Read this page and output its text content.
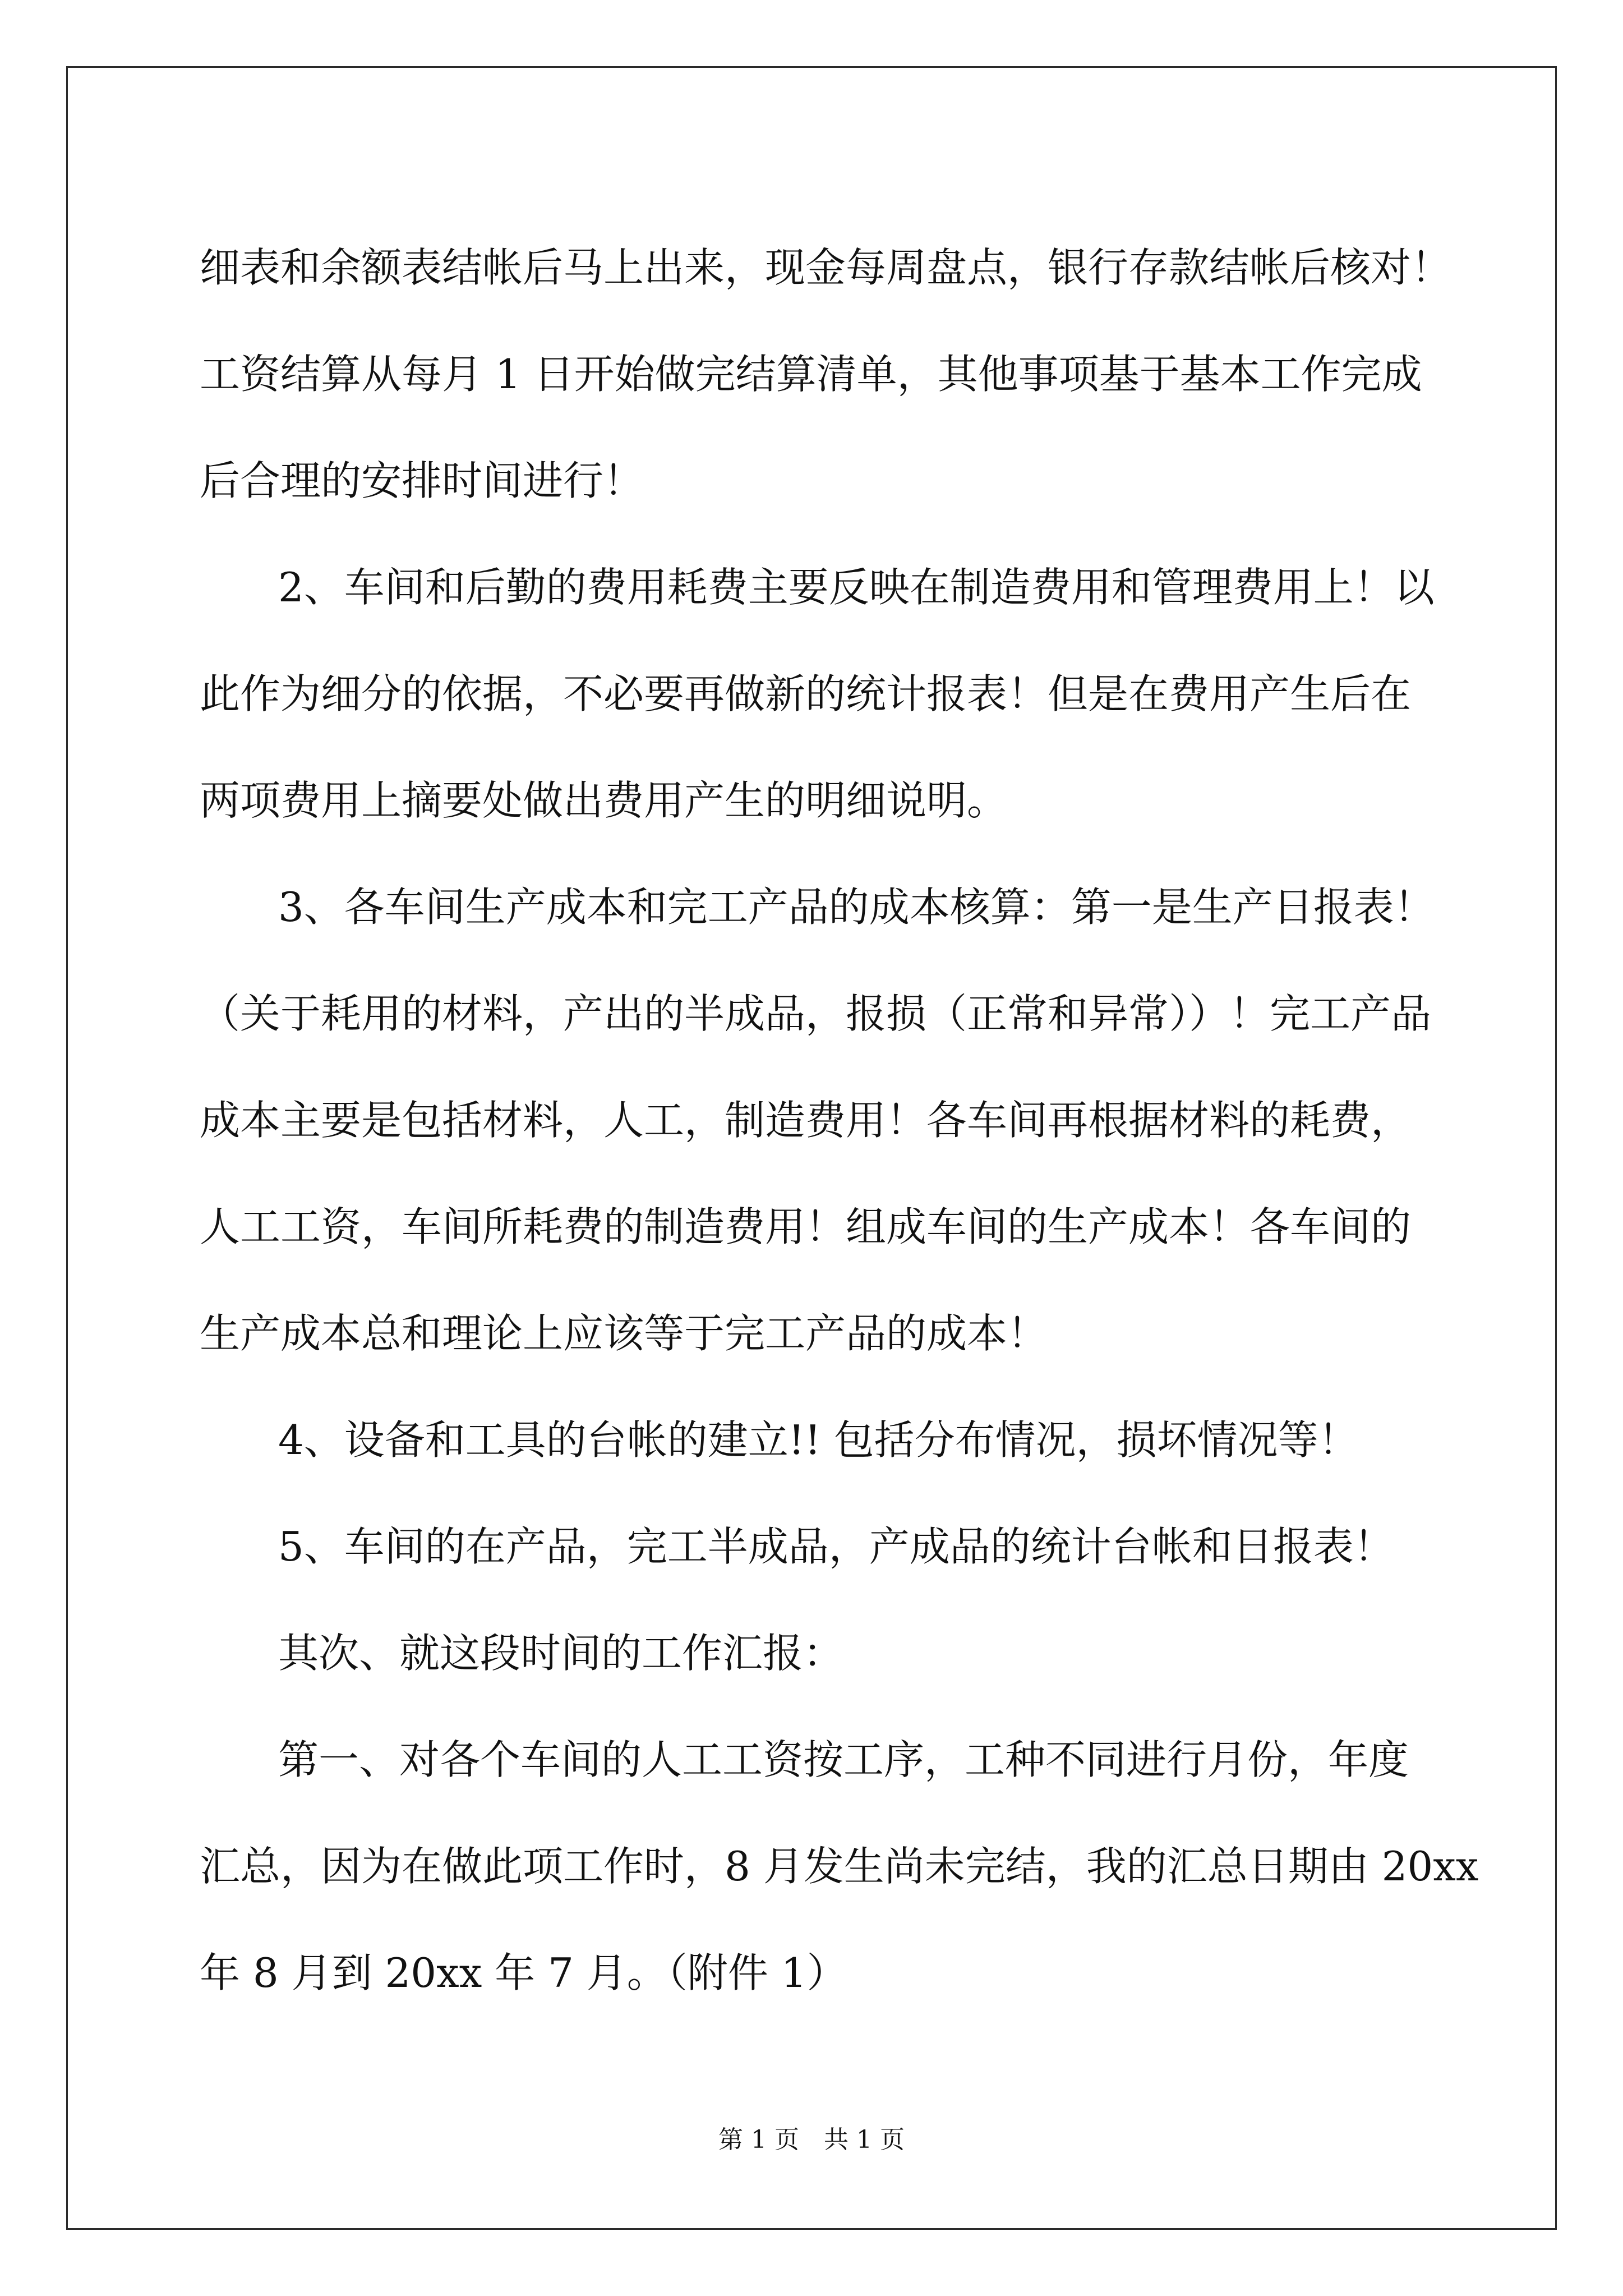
细表和余额表结帐后马上出来，现金每周盘点，银行存款结帐后核对！
工资结算从每月 1 日开始做完结算清单，其他事项基于基本工作完成
后合理的安排时间进行！
2、车间和后勤的费用耗费主要反映在制造费用和管理费用上！以
此作为细分的依据，不必要再做新的统计报表！但是在费用产生后在
两项费用上摘要处做出费用产生的明细说明。
3、各车间生产成本和完工产品的成本核算：第一是生产日报表！
（关于耗用的材料，产出的半成品，报损（正常和异常））！完工产品
成本主要是包括材料，人工，制造费用！各车间再根据材料的耗费，
人工工资，车间所耗费的制造费用！组成车间的生产成本！各车间的
生产成本总和理论上应该等于完工产品的成本！
4、设备和工具的台帐的建立!! 包括分布情况，损坏情况等！
5、车间的在产品，完工半成品，产成品的统计台帐和日报表！
其次、就这段时间的工作汇报：
第一、对各个车间的人工工资按工序，工种不同进行月份，年度
汇总，因为在做此项工作时，8 月发生尚未完结，我的汇总日期由 20xx
年 8 月到 20xx 年 7 月。（附件 1）
第 1 页 共 1 页
